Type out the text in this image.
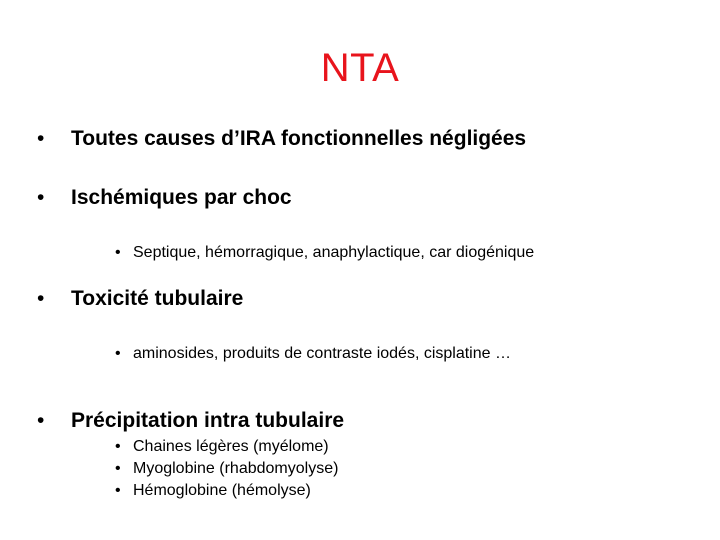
NTA
• Toutes causes d’IRA fonctionnelles négligées
• Ischémiques par choc
• Septique, hémorragique, anaphylactique, car diogénique
• Toxicité tubulaire
• aminosides, produits de contraste iodés, cisplatine …
• Précipitation intra tubulaire
• Chaines légères (myélome)
• Myoglobine (rhabdomyolyse)
• Hémoglobine (hémolyse)
